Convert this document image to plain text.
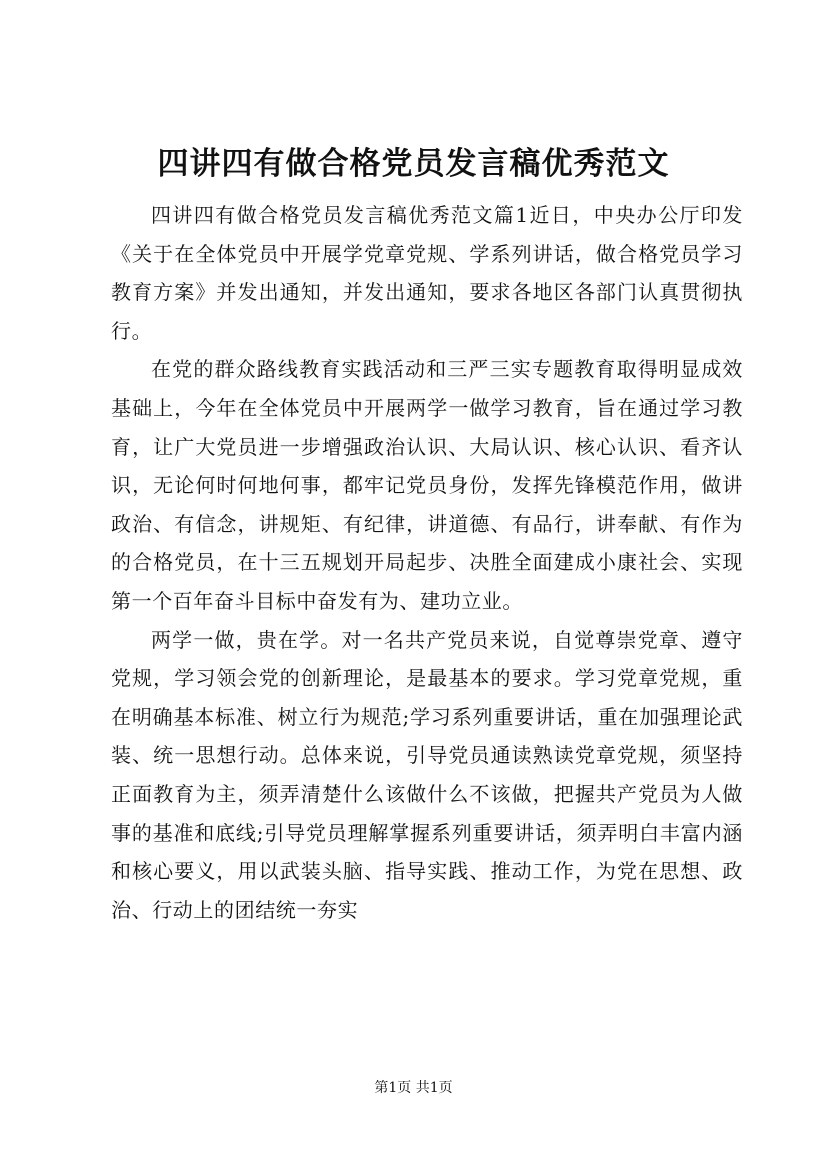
四讲四有做合格党员发言稿优秀范文

四讲四有做合格党员发言稿优秀范文篇1近日，中央办公厅印发《关于在全体党员中开展学党章党规、学系列讲话，做合格党员学习教育方案》并发出通知，并发出通知，要求各地区各部门认真贯彻执行。

在党的群众路线教育实践活动和三严三实专题教育取得明显成效基础上，今年在全体党员中开展两学一做学习教育，旨在通过学习教育，让广大党员进一步增强政治认识、大局认识、核心认识、看齐认识，无论何时何地何事，都牢记党员身份，发挥先锋模范作用，做讲政治、有信念，讲规矩、有纪律，讲道德、有品行，讲奉献、有作为的合格党员，在十三五规划开局起步、决胜全面建成小康社会、实现第一个百年奋斗目标中奋发有为、建功立业。

两学一做，贵在学。对一名共产党员来说，自觉尊崇党章、遵守党规，学习领会党的创新理论，是最基本的要求。学习党章党规，重在明确基本标准、树立行为规范;学习系列重要讲话，重在加强理论武装、统一思想行动。总体来说，引导党员通读熟读党章党规，须坚持正面教育为主，须弄清楚什么该做什么不该做，把握共产党员为人做事的基准和底线;引导党员理解掌握系列重要讲话，须弄明白丰富内涵和核心要义，用以武装头脑、指导实践、推动工作，为党在思想、政治、行动上的团结统一夯实

第1页 共1页
